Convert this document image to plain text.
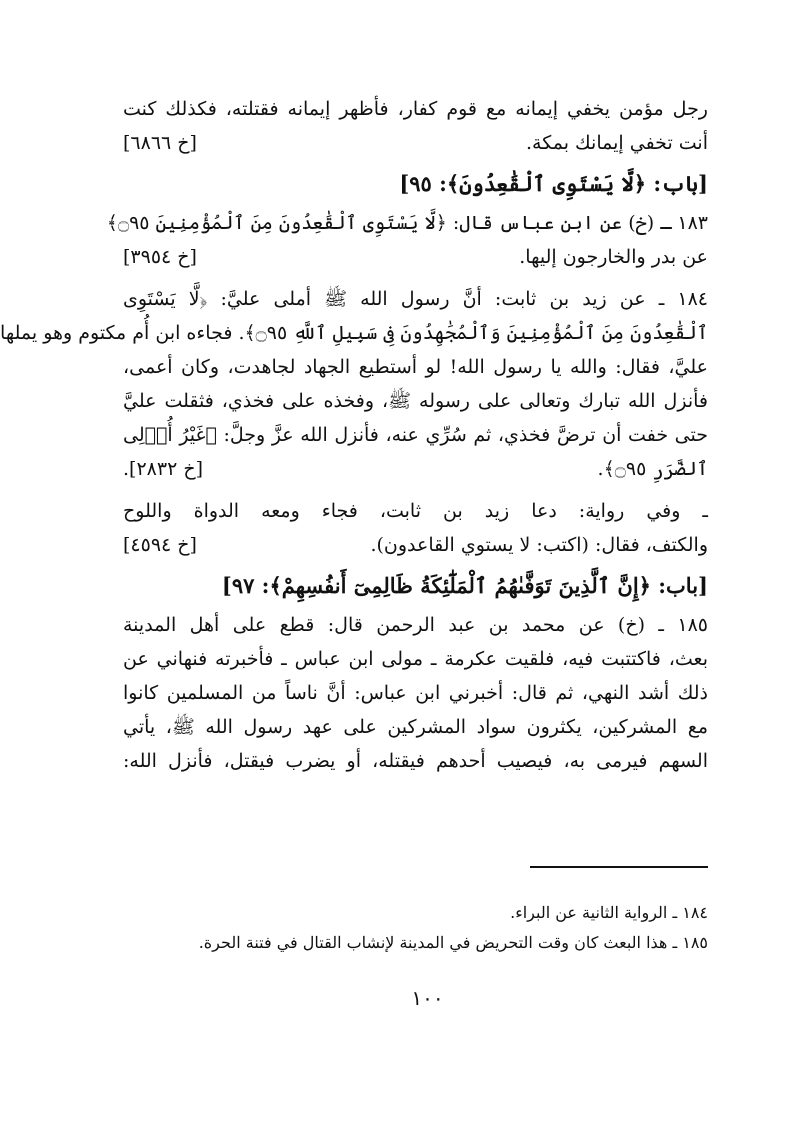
رجل مؤمن يخفي إيمانه مع قوم كفار، فأظهر إيمانه فقتلته، فكذلك كنت
أنت تخفي إيمانك بمكة.
[خ ٦٨٦٦]
[باب: ﴿لَّا يَسْتَوِى ٱلْقَٰعِدُونَ﴾: ٩٥]
١٨٣ ـ (خ) عن ابن عباس قال: ﴿لَّا يَسْتَوِى ٱلْقَٰعِدُونَ مِنَ ٱلْمُؤْمِنِينَ ۝٩٥﴾
عن بدر والخارجون إليها.
[خ ٣٩٥٤]
١٨٤ ـ عن زيد بن ثابت: أنَّ رسول الله ﷺ أملى عليَّ: ﴿لَّا يَسْتَوِى
ٱلْقَٰعِدُونَ مِنَ ٱلْمُؤْمِنِينَ وَٱلْمُجَٰهِدُونَ فِى سَبِيلِ ٱللَّهِ ۝٩٥﴾. فجاءه ابن أُم مكتوم وهو يملها
عليَّ، فقال: والله يا رسول الله! لو أستطيع الجهاد لجاهدت، وكان أعمى،
فأنزل الله تبارك وتعالى على رسوله ﷺ، وفخذه على فخذي، فثقلت عليَّ
حتى خفت أن ترضَّ فخذي، ثم سُرِّي عنه، فأنزل الله عزَّ وجلَّ: ﴿غَيْرُ أُو۟لِى
ٱلضَّرَرِ ۝٩٥﴾.
[خ ٢٨٣٢].
ـ وفي رواية: دعا زيد بن ثابت، فجاء ومعه الدواة واللوح
والكتف، فقال: (اكتب: لا يستوي القاعدون).
[خ ٤٥٩٤]
[باب: ﴿إِنَّ ٱلَّذِينَ تَوَفَّىٰهُمُ ٱلْمَلَٰٓئِكَةُ ظَالِمِىٓ أَنفُسِهِمْ﴾: ٩٧]
١٨٥ ـ (خ) عن محمد بن عبد الرحمن قال: قطع على أهل المدينة
بعث، فاكتتبت فيه، فلقيت عكرمة ـ مولى ابن عباس ـ فأخبرته فنهاني عن
ذلك أشد النهي، ثم قال: أخبرني ابن عباس: أنَّ ناساً من المسلمين كانوا
مع المشركين، يكثرون سواد المشركين على عهد رسول الله ﷺ، يأتي
السهم فيرمى به، فيصيب أحدهم فيقتله، أو يضرب فيقتل، فأنزل الله:
١٨٤ ـ الرواية الثانية عن البراء.
١٨٥ ـ هذا البعث كان وقت التحريض في المدينة لإنشاب القتال في فتنة الحرة.
١٠٠
